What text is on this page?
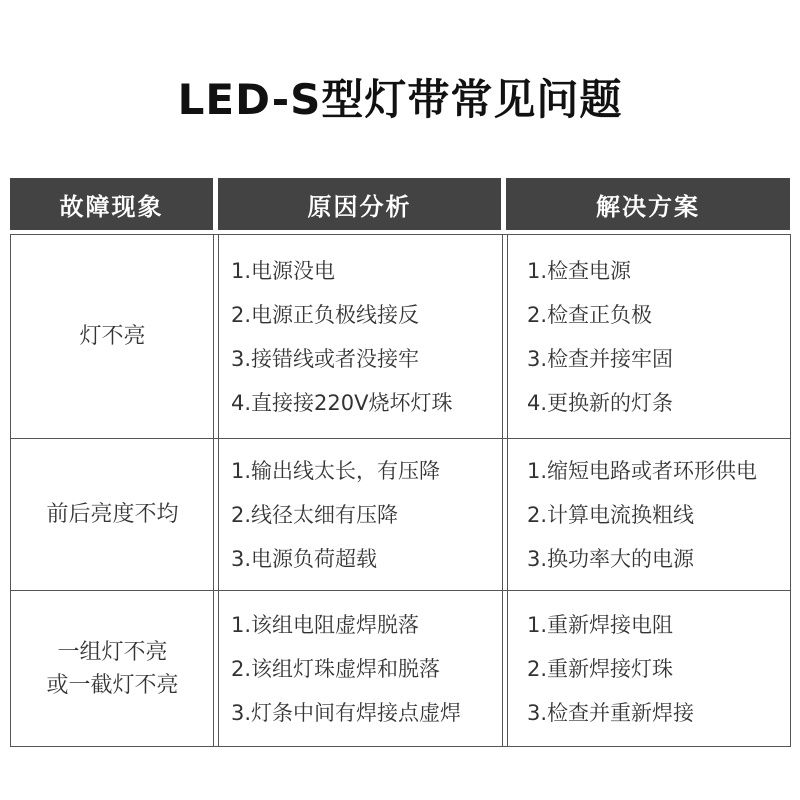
LED-S型灯带常见问题
故障现象	原因分析	解决方案
灯不亮
1.电源没电
2.电源正负极线接反
3.接错线或者没接牢
4.直接接220V烧坏灯珠
1.检查电源
2.检查正负极
3.检查并接牢固
4.更换新的灯条
前后亮度不均
1.输出线太长，有压降
2.线径太细有压降
3.电源负荷超载
1.缩短电路或者环形供电
2.计算电流换粗线
3.换功率大的电源
一组灯不亮
或一截灯不亮
1.该组电阻虚焊脱落
2.该组灯珠虚焊和脱落
3.灯条中间有焊接点虚焊
1.重新焊接电阻
2.重新焊接灯珠
3.检查并重新焊接
